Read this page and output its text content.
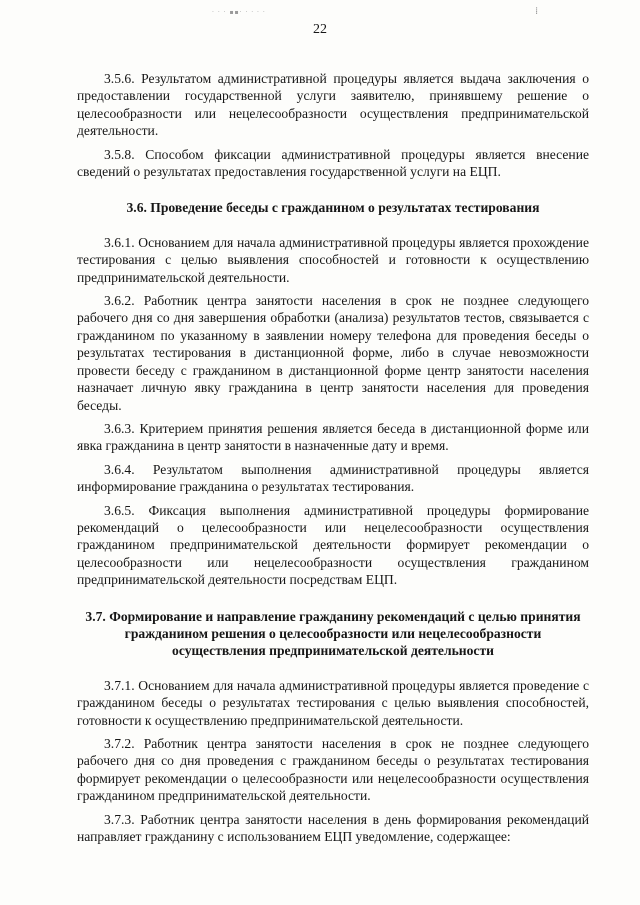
· · · ▪▪· · · · ·	⁞
22

3.5.6. Результатом административной процедуры является выдача заключения о предоставлении государственной услуги заявителю, принявшему решение о целесообразности или нецелесообразности осуществления предпринимательской деятельности.

3.5.8. Способом фиксации административной процедуры является внесение сведений о результатах предоставления государственной услуги на ЕЦП.

3.6. Проведение беседы с гражданином о результатах тестирования

3.6.1. Основанием для начала административной процедуры является прохождение тестирования с целью выявления способностей и готовности к осуществлению предпринимательской деятельности.

3.6.2. Работник центра занятости населения в срок не позднее следующего рабочего дня со дня завершения обработки (анализа) результатов тестов, связывается с гражданином по указанному в заявлении номеру телефона для проведения беседы о результатах тестирования в дистанционной форме, либо в случае невозможности провести беседу с гражданином в дистанционной форме центр занятости населения назначает личную явку гражданина в центр занятости населения для проведения беседы.

3.6.3. Критерием принятия решения является беседа в дистанционной форме или явка гражданина в центр занятости в назначенные дату и время.

3.6.4. Результатом выполнения административной процедуры является информирование гражданина о результатах тестирования.

3.6.5. Фиксация выполнения административной процедуры формирование рекомендаций о целесообразности или нецелесообразности осуществления гражданином предпринимательской деятельности формирует рекомендации о целесообразности или нецелесообразности осуществления гражданином предпринимательской деятельности посредствам ЕЦП.

3.7. Формирование и направление гражданину рекомендаций с целью принятия гражданином решения о целесообразности или нецелесообразности осуществления предпринимательской деятельности

3.7.1. Основанием для начала административной процедуры является проведение с гражданином беседы о результатах тестирования с целью выявления способностей, готовности к осуществлению предпринимательской деятельности.

3.7.2. Работник центра занятости населения в срок не позднее следующего рабочего дня со дня проведения с гражданином беседы о результатах тестирования формирует рекомендации о целесообразности или нецелесообразности осуществления гражданином предпринимательской деятельности.

3.7.3. Работник центра занятости населения в день формирования рекомендаций направляет гражданину с использованием ЕЦП уведомление, содержащее:
